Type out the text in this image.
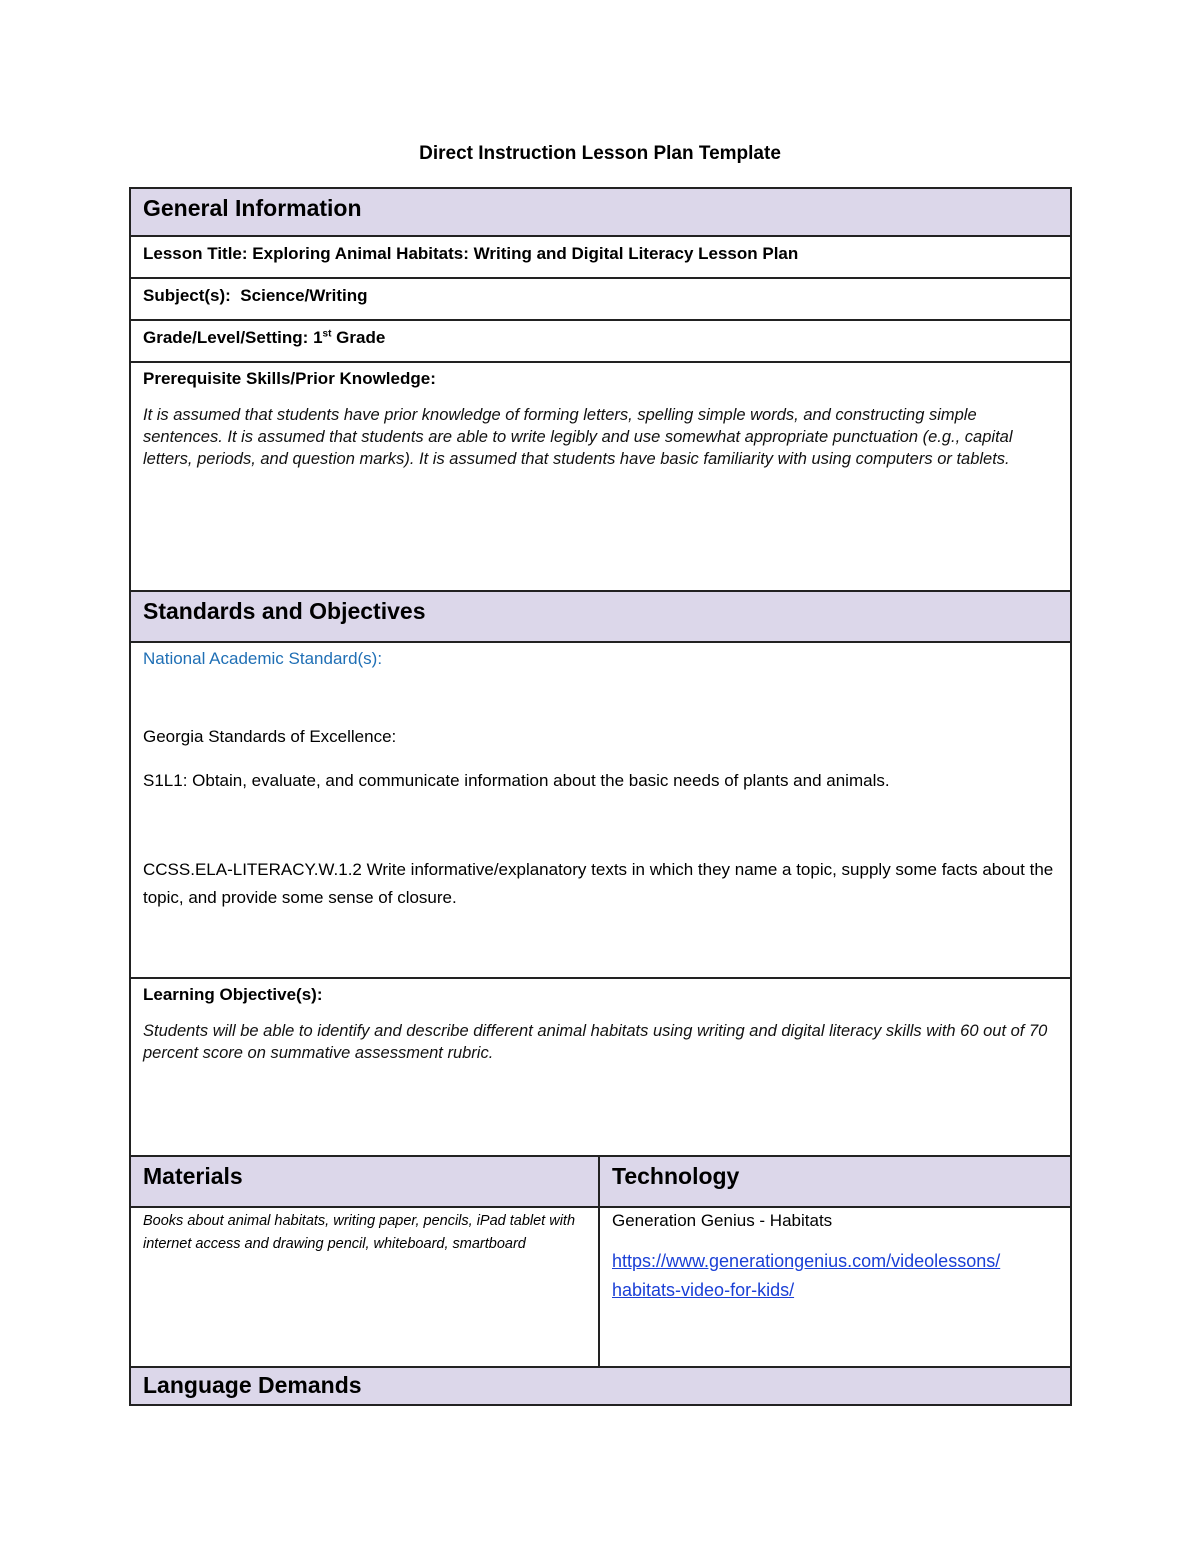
Direct Instruction Lesson Plan Template
General Information	
Lesson Title: Exploring Animal Habitats: Writing and Digital Literacy Lesson Plan	
Subject(s): Science/Writing	
Grade/Level/Setting: 1st Grade	

Prerequisite Skills/Prior Knowledge:
It is assumed that students have prior knowledge of forming letters, spelling simple words, and constructing simple sentences. It is assumed that students are able to write legibly and use somewhat appropriate punctuation (e.g., capital letters, periods, and question marks). It is assumed that students have basic familiarity with using computers or tablets.	

Standards and Objectives	

National Academic Standard(s):
Georgia Standards of Excellence:
S1L1: Obtain, evaluate, and communicate information about the basic needs of plants and animals.
CCSS.ELA-LITERACY.W.1.2 Write informative/explanatory texts in which they name a topic, supply some facts about the topic, and provide some sense of closure.	

Learning Objective(s):
Students will be able to identify and describe different animal habitats using writing and digital literacy skills with 60 out of 70 percent score on summative assessment rubric.	

Materials	Technology

Books about animal habitats, writing paper, pencils, iPad tablet with internet access and drawing pencil, whiteboard, smartboard	Generation Genius - Habitats
https://www.generationgenius.com/videolessons/
habitats-video-for-kids/

Language Demands	
